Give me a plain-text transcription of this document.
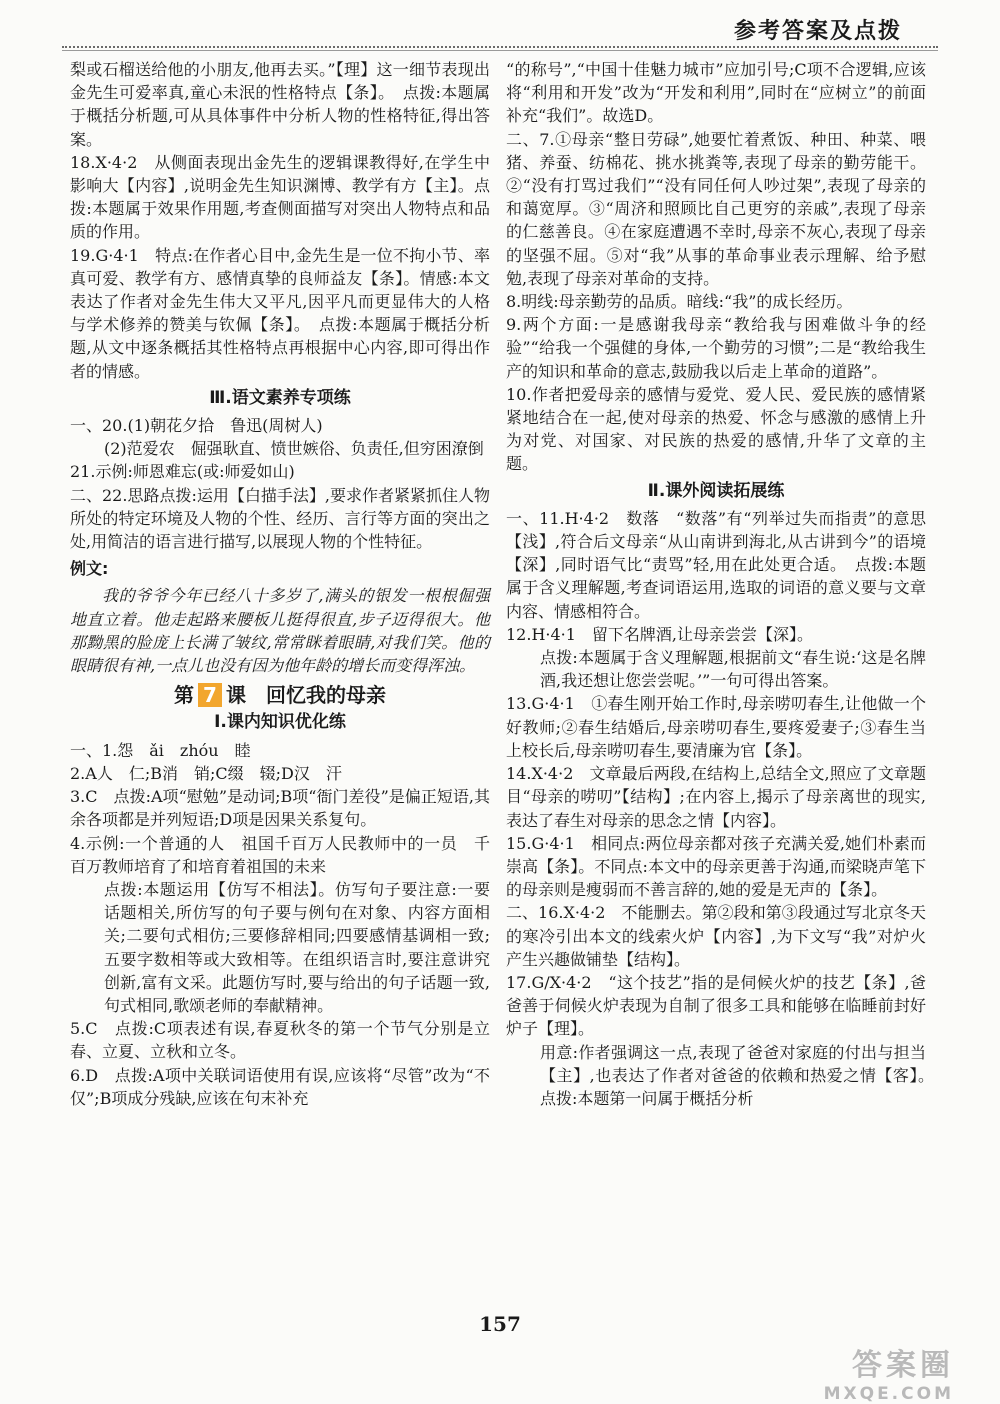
参考答案及点拨
梨或石榴送给他的小朋友,他再去买。”【理】这一细节表现出金先生可爱率真,童心未泯的性格特点【条】。　点拨:本题属于概括分析题,可从具体事件中分析人物的性格特征,得出答案。
18.X·4·2　从侧面表现出金先生的逻辑课教得好,在学生中影响大【内容】,说明金先生知识渊博、教学有方【主】。点拨:本题属于效果作用题,考查侧面描写对突出人物特点和品质的作用。
19.G·4·1　特点:在作者心目中,金先生是一位不拘小节、率真可爱、教学有方、感情真挚的良师益友【条】。情感:本文表达了作者对金先生伟大又平凡,因平凡而更显伟大的人格与学术修养的赞美与钦佩【条】。　点拨:本题属于概括分析题,从文中逐条概括其性格特点再根据中心内容,即可得出作者的情感。
Ⅲ.语文素养专项练
一、20.(1)朝花夕拾　鲁迅(周树人)
(2)范爱农　倔强耿直、愤世嫉俗、负责任,但穷困潦倒
21.示例:师恩难忘(或:师爱如山)
二、22.思路点拨:运用【白描手法】,要求作者紧紧抓住人物所处的特定环境及人物的个性、经历、言行等方面的突出之处,用简洁的语言进行描写,以展现人物的个性特征。
例文:
我的爷爷今年已经八十多岁了,满头的银发一根根倔强地直立着。他走起路来腰板儿挺得很直,步子迈得很大。他那黝黑的脸庞上长满了皱纹,常常眯着眼睛,对我们笑。他的眼睛很有神,一点儿也没有因为他年龄的增长而变得浑浊。
第 7 课　回忆我的母亲
Ⅰ.课内知识优化练
一、1.怨　ǎi　zhóu　睦
2.A人　仁;B消　销;C缀　辍;D汉　汗
3.C　点拨:A项“慰勉”是动词;B项“衙门差役”是偏正短语,其余各项都是并列短语;D项是因果关系复句。
4.示例:一个普通的人　祖国千百万人民教师中的一员　千百万教师培育了和培育着祖国的未来
点拨:本题运用【仿写不相法】。仿写句子要注意:一要话题相关,所仿写的句子要与例句在对象、内容方面相关;二要句式相仿;三要修辞相同;四要感情基调相一致;五要字数相等或大致相等。在组织语言时,要注意讲究创新,富有文采。此题仿写时,要与给出的句子话题一致,句式相同,歌颂老师的奉献精神。
5.C　点拨:C项表述有误,春夏秋冬的第一个节气分别是立春、立夏、立秋和立冬。
6.D　点拨:A项中关联词语使用有误,应该将“尽管”改为“不仅”;B项成分残缺,应该在句末补充
“的称号”,“中国十佳魅力城市”应加引号;C项不合逻辑,应该将“利用和开发”改为“开发和利用”,同时在“应树立”的前面补充“我们”。故选D。
二、7.①母亲“整日劳碌”,她要忙着煮饭、种田、种菜、喂猪、养蚕、纺棉花、挑水挑粪等,表现了母亲的勤劳能干。②“没有打骂过我们”“没有同任何人吵过架”,表现了母亲的和蔼宽厚。③“周济和照顾比自己更穷的亲戚”,表现了母亲的仁慈善良。④在家庭遭遇不幸时,母亲不灰心,表现了母亲的坚强不屈。⑤对“我”从事的革命事业表示理解、给予慰勉,表现了母亲对革命的支持。
8.明线:母亲勤劳的品质。暗线:“我”的成长经历。
9.两个方面:一是感谢我母亲“教给我与困难做斗争的经验”“给我一个强健的身体,一个勤劳的习惯”;二是“教给我生产的知识和革命的意志,鼓励我以后走上革命的道路”。
10.作者把爱母亲的感情与爱党、爱人民、爱民族的感情紧紧地结合在一起,使对母亲的热爱、怀念与感激的感情上升为对党、对国家、对民族的热爱的感情,升华了文章的主题。
Ⅱ.课外阅读拓展练
一、11.H·4·2　数落　“数落”有“列举过失而指责”的意思【浅】,符合后文母亲“从山南讲到海北,从古讲到今”的语境【深】,同时语气比“责骂”轻,用在此处更合适。　点拨:本题属于含义理解题,考查词语运用,选取的词语的意义要与文章内容、情感相符合。
12.H·4·1　留下名牌酒,让母亲尝尝【深】。
点拨:本题属于含义理解题,根据前文“春生说:‘这是名牌酒,我还想让您尝尝呢。’”一句可得出答案。
13.G·4·1　①春生刚开始工作时,母亲唠叨春生,让他做一个好教师;②春生结婚后,母亲唠叨春生,要疼爱妻子;③春生当上校长后,母亲唠叨春生,要清廉为官【条】。
14.X·4·2　文章最后两段,在结构上,总结全文,照应了文章题目“母亲的唠叨”【结构】;在内容上,揭示了母亲离世的现实,表达了春生对母亲的思念之情【内容】。
15.G·4·1　相同点:两位母亲都对孩子充满关爱,她们朴素而崇高【条】。不同点:本文中的母亲更善于沟通,而梁晓声笔下的母亲则是瘦弱而不善言辞的,她的爱是无声的【条】。
二、16.X·4·2　不能删去。第②段和第③段通过写北京冬天的寒冷引出本文的线索火炉【内容】,为下文写“我”对炉火产生兴趣做铺垫【结构】。
17.G/X·4·2　“这个技艺”指的是伺候火炉的技艺【条】,爸爸善于伺候火炉表现为自制了很多工具和能够在临睡前封好炉子【理】。
用意:作者强调这一点,表现了爸爸对家庭的付出与担当【主】,也表达了作者对爸爸的依赖和热爱之情【客】。　点拨:本题第一问属于概括分析
157
答案圈
MXQE.COM
